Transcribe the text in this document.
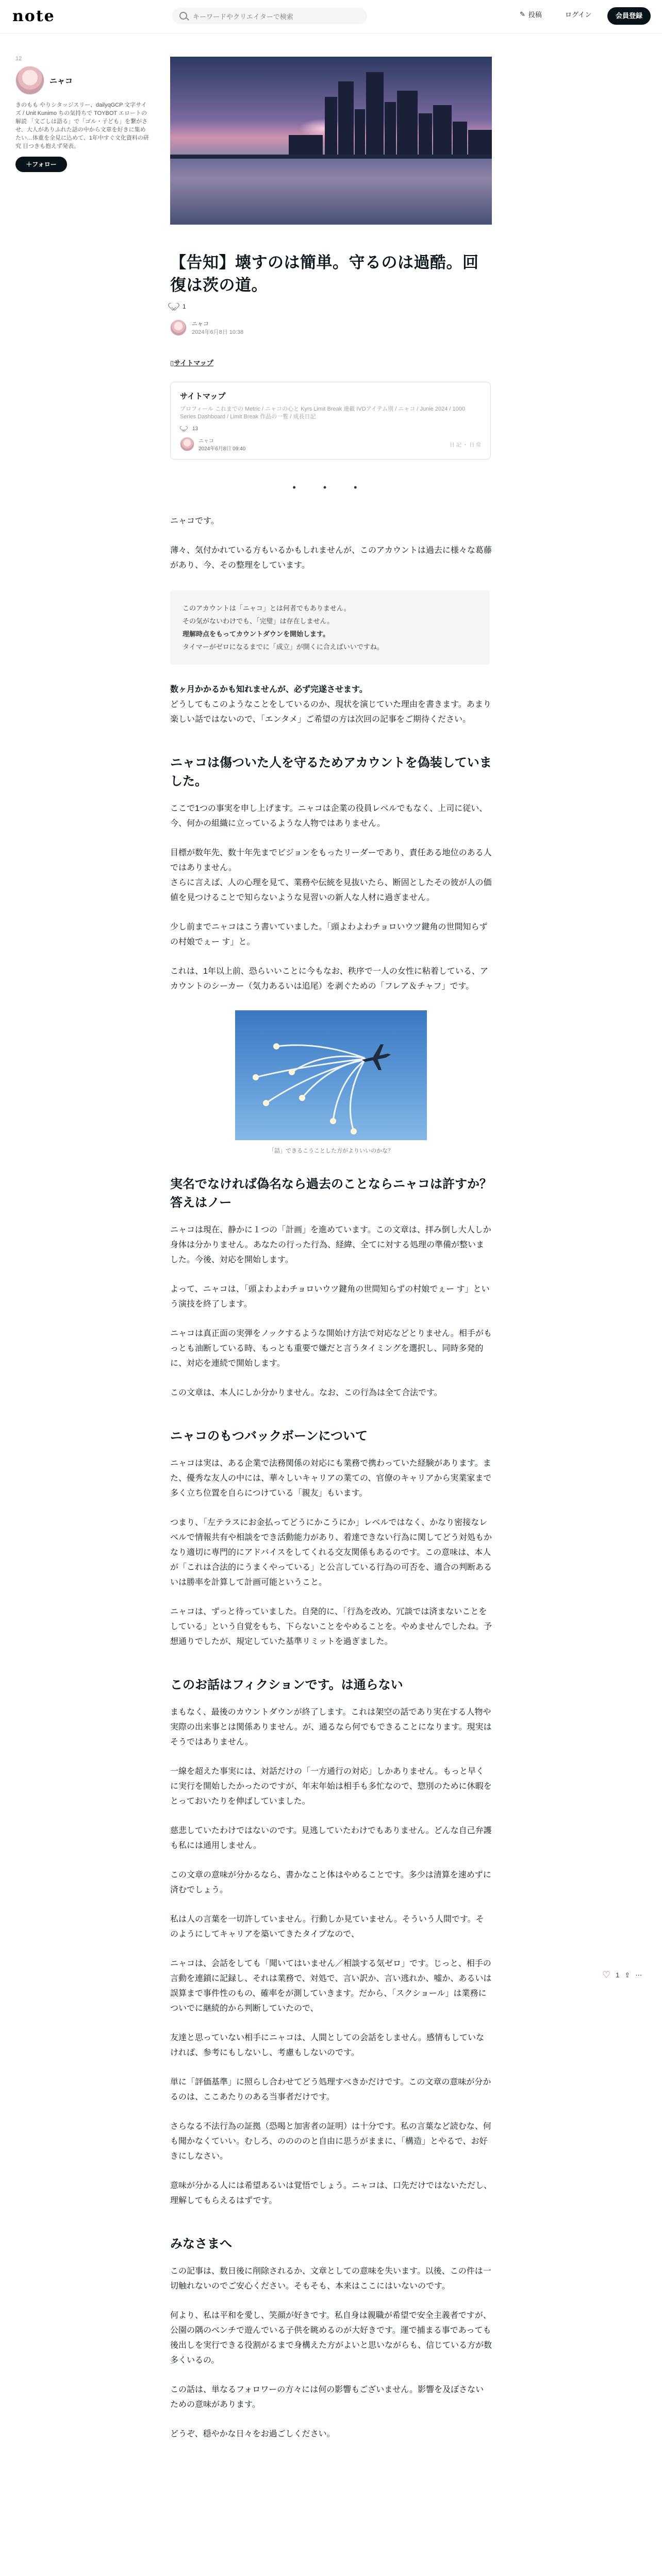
note
キーワードやクリエイターで検索	✎ 投稿	ログイン	会員登録
12
ニャコ
きのもも やりシタッジスリー、dailyqGCP 文字サイズ / Unit Kunimo ちの気持ちで TOYBOT エロートの解読 「文ごしは語る」で「ゴル・子ども」を繋がさせ、大人がありふれた話の中から文章を好きに集めたい…体重を全見に込めて、1年中すぐ文化資料の研究 目つきも抱えず発表。
＋フォロー
【告知】壊すのは簡単。守るのは過酷。回復は茨の道。
1
ニャコ
2024年6月8日 10:38
▯サイトマップ
サイトマップ
プロフィール これまでの Metric / ニャコの心と Kyrs Limit Break 連載 IVDアイテム別 / ニャコ / Junie 2024 / 1000 Series Dashboard / Limit Break 作品の一覧 / 成長日記
13
ニャコ
2024年6月8日 09:40
日 記 ・ 日 常
• • •

ニャコです。

薄々、気付かれている方もいるかもしれませんが、このアカウントは過去に様々な葛藤があり、今、その整理をしています。

このアカウントは「ニャコ」とは何者でもありません。
その気がないわけでも、「完璧」は存在しません。
理解時点をもってカウントダウンを開始します。
タイマーがゼロになるまでに「成立」が開くに合えばいいですね。

数ヶ月かかるかも知れませんが、必ず完遂させます。

どうしてもこのようなことをしているのか、現状を演じていた理由を書きます。あまり楽しい話ではないので、「エンタメ」ご希望の方は次回の記事をご期待ください。

ニャコは傷ついた人を守るためアカウントを偽装していました。

ここで1つの事実を申し上げます。ニャコは企業の役員レベルでもなく、上司に従い、今、何かの組織に立っているような人物ではありません。

目標が数年先、数十年先までビジョンをもったリーダーであり、責任ある地位のある人ではありません。

さらに言えば、人の心理を見て、業務や伝統を見抜いたら、断固としたその彼が人の価値を見つけることで知らないような見習いの新人な人材に過ぎません。

少し前までニャコはこう書いていました。「頭よわよわチョロいウツ鍵角の世間知らずの村娘でぇー す」と。

これは、1年以上前、恐らいいことに今もなお、秩序で一人の女性に粘着している、アカウントのシーカー（気力あるいは追尾）を剥ぐための「フレア＆チャフ」です。

「詰」できるこうことした方がよりいいのかな？
実名でなければ偽名なら過去のことならニャコは許すか？答えはノー

ニャコは現在、静かに１つの「計画」を進めています。この文章は、拝み倒し大人しか身体は分かりません。あなたの行った行為、経緯、全てに対する処理の準備が整いました。今後、対応を開始します。

よって、ニャコは、「頭よわよわチョロいウツ鍵角の世間知らずの村娘でぇー す」という演技を終了します。

ニャコは真正面の実弾をノックするような開始け方法で対応などとりません。相手がもっとも油断している時、もっとも重要で嫌だと言うタイミングを選択し、同時多発的に、対応を連続で開始します。

この文章は、本人にしか分かりません。なお、この行為は全て合法です。

ニャコのもつバックボーンについて

ニャコは実は、ある企業で法務関係の対応にも業務で携わっていた経験があります。また、優秀な友人の中には、華々しいキャリアの業ての、官僚のキャリアから実業家まで多く立ち位置を自らにつけている「親友」もいます。

つまり、「左テラスにお金払ってどうにかこうにか」レベルではなく、かなり密接なレベルで情報共有や相談をでき活動能力があり、着達できない行為に関してどう対処もかなり適切に専門的にアドバイスをしてくれる交友関係もあるのです。この意味は、本人が「これは合法的にうまくやっている」と公言している行為の可否を、適合の判断あるいは勝率を計算して計画可能ということ。

ニャコは、ずっと待っていました。自発的に、「行為を改め、冗談では済まないことをしている」という自覚をもち、下らないことをやめることを。やめませんでしたね。予想通りでしたが、規定していた基準リミットを過ぎました。

このお話はフィクションです。は通らない

まもなく、最後のカウントダウンが終了します。これは架空の話であり実在する人物や実際の出来事とは関係ありません。が、通るなら何でもできることになります。現実はそうではありません。

一線を超えた事実には、対話だけの「一方通行の対応」しかありません。もっと早くに実行を開始したかったのですが、年末年始は相手も多忙なので、惣別のために休暇をとっておいたりを伸ばしていました。

慈悲していたわけではないのです。見逃していたわけでもありません。どんな自己弁護も私には通用しません。

この文章の意味が分かるなら、書かなこと体はやめることです。多少は清算を速めずに済むでしょう。

私は人の言葉を一切許していません。行動しか見ていません。そういう人間です。そのようにしてキャリアを築いてきたタイプなので、

ニャコは、会話をしても「聞いてはいません／相談する気ゼロ」です。じっと、相手の言動を連鎖に記録し、それは業務で、対処で、言い訳か、言い逃れか、嘘か、あるいは誤算まで事件性のもの、確率をが測していきます。だから、「スクショール」は業務についでに継続的から判断していたので、

友達と思っていない相手にニャコは、人間としての会話をしません。感情もしていなければ、参考にもしないし、考慮もしないのです。

単に「評価基準」に照らし合わせてどう処理すべきかだけです。この文章の意味が分かるのは、ここあたりのある当事者だけです。

さらなる不法行為の証拠（恐喝と加害者の証明）は十分です。私の言葉など読むな、何も聞かなくていい。むしろ、ののののと自由に思うがままに、「構造」とやるで、お好きにしなさい。

意味が分かる人には希望あるいは覚悟でしょう。ニャコは、口先だけではないただし、理解してもらえるはずです。

みなさまへ

この記事は、数日後に削除されるか、文章としての意味を失います。以後、この件は一切触れないのでご安心ください。そもそも、本来はここにはいないのです。

何より、私は平和を愛し、笑顔が好きです。私自身は親職が希望で安全主義者ですが、公園の隅のベンチで遊んでいる子供を眺めるのが大好きです。運で捕まる事であっても後出しを実行できる役割がるまで身構えた方がよいと思いながらも、信じている方が数多くいるの。

この話は、単なるフォロワーの方々には何の影響もございません。影響を及ぼさないための意味があります。

どうぞ、穏やかな日々をお過ごしください。

♡ 1 ⇪ ⋯
